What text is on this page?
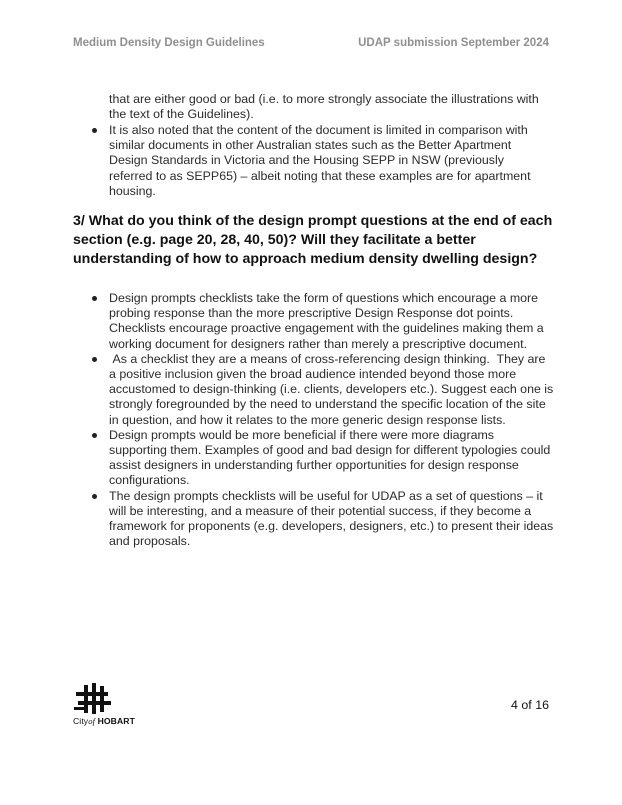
Medium Density Design Guidelines	UDAP submission September 2024

that are either good or bad (i.e. to more strongly associate the illustrations with the text of the Guidelines).

It is also noted that the content of the document is limited in comparison with similar documents in other Australian states such as the Better Apartment Design Standards in Victoria and the Housing SEPP in NSW (previously referred to as SEPP65) – albeit noting that these examples are for apartment housing.
3/ What do you think of the design prompt questions at the end of each section (e.g. page 20, 28, 40, 50)? Will they facilitate a better understanding of how to approach medium density dwelling design?
Design prompts checklists take the form of questions which encourage a more probing response than the more prescriptive Design Response dot points. Checklists encourage proactive engagement with the guidelines making them a working document for designers rather than merely a prescriptive document.
As a checklist they are a means of cross-referencing design thinking.  They are a positive inclusion given the broad audience intended beyond those more accustomed to design-thinking (i.e. clients, developers etc.). Suggest each one is strongly foregrounded by the need to understand the specific location of the site in question, and how it relates to the more generic design response lists.
Design prompts would be more beneficial if there were more diagrams supporting them. Examples of good and bad design for different typologies could assist designers in understanding further opportunities for design response configurations.
The design prompts checklists will be useful for UDAP as a set of questions – it will be interesting, and a measure of their potential success, if they become a framework for proponents (e.g. developers, designers, etc.) to present their ideas and proposals.
Cityof HOBART
4 of 16
